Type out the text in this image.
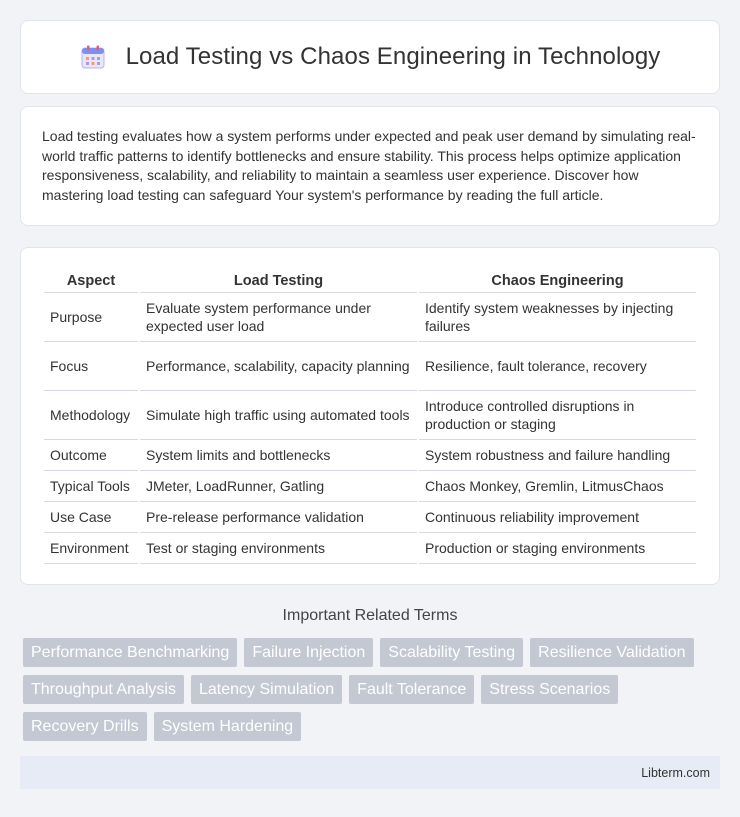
Load Testing vs Chaos Engineering in Technology

Load testing evaluates how a system performs under expected and peak user demand by simulating real-world traffic patterns to identify bottlenecks and ensure stability. This process helps optimize application responsiveness, scalability, and reliability to maintain a seamless user experience. Discover how mastering load testing can safeguard Your system's performance by reading the full article.

Aspect	Load Testing	Chaos Engineering
Purpose	Evaluate system performance under expected user load	Identify system weaknesses by injecting failures
Focus	Performance, scalability, capacity planning	Resilience, fault tolerance, recovery
Methodology	Simulate high traffic using automated tools	Introduce controlled disruptions in production or staging
Outcome	System limits and bottlenecks	System robustness and failure handling
Typical Tools	JMeter, LoadRunner, Gatling	Chaos Monkey, Gremlin, LitmusChaos
Use Case	Pre-release performance validation	Continuous reliability improvement
Environment	Test or staging environments	Production or staging environments
Important Related Terms
Performance Benchmarking	Failure Injection	Scalability Testing	Resilience Validation
Throughput Analysis	Latency Simulation	Fault Tolerance	Stress Scenarios
Recovery Drills	System Hardening
Libterm.com
